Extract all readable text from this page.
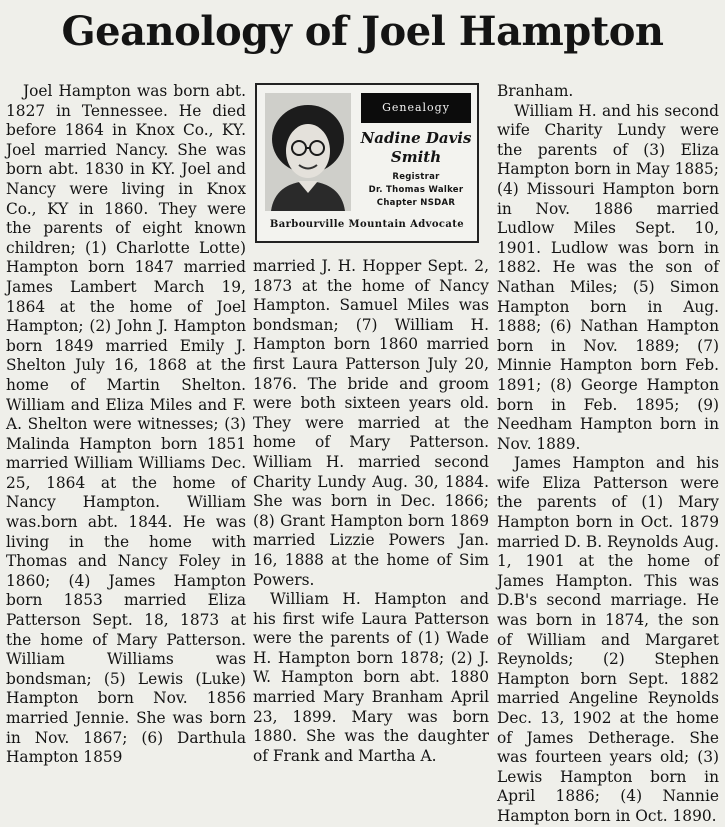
Geanology of Joel Hampton

Joel Hampton was born abt. 1827 in Tennessee. He died before 1864 in Knox Co., KY. Joel married Nancy. She was born abt. 1830 in KY. Joel and Nancy were living in Knox Co., KY in 1860. They were the parents of eight known children; (1) Charlotte Lotte) Hampton born 1847 married James Lambert March 19, 1864 at the home of Joel Hampton; (2) John J. Hampton born 1849 married Emily J. Shelton July 16, 1868 at the home of Martin Shelton. William and Eliza Miles and F. A. Shelton were witnesses; (3) Malinda Hampton born 1851 married William Williams Dec. 25, 1864 at the home of Nancy Hampton. William was.born abt. 1844. He was living in the home with Thomas and Nancy Foley in 1860; (4) James Hampton born 1853 married Eliza Patterson Sept. 18, 1873 at the home of Mary Patterson. William Williams was bondsman; (5) Lewis (Luke) Hampton born Nov. 1856 married Jennie. She was born in Nov. 1867; (6) Darthula Hampton 1859

Genealogy
Nadine Davis
Smith
Registrar
Dr. Thomas Walker
Chapter NSDAR
Barbourville Mountain Advocate

married J. H. Hopper Sept. 2, 1873 at the home of Nancy Hampton. Samuel Miles was bondsman; (7) William H. Hampton born 1860 married first Laura Patterson July 20, 1876. The bride and groom were both sixteen years old. They were married at the home of Mary Patterson. William H. married second Charity Lundy Aug. 30, 1884. She was born in Dec. 1866; (8) Grant Hampton born 1869 married Lizzie Powers Jan. 16, 1888 at the home of Sim Powers.

William H. Hampton and his first wife Laura Patterson were the parents of (1) Wade H. Hampton born 1878; (2) J. W. Hampton born abt. 1880 married Mary Branham April 23, 1899. Mary was born 1880. She was the daughter of Frank and Martha A.

Branham.

William H. and his second wife Charity Lundy were the parents of (3) Eliza Hampton born in May 1885; (4) Missouri Hampton born in Nov. 1886 married Ludlow Miles Sept. 10, 1901. Ludlow was born in 1882. He was the son of Nathan Miles; (5) Simon Hampton born in Aug. 1888; (6) Nathan Hampton born in Nov. 1889; (7) Minnie Hampton born Feb. 1891; (8) George Hampton born in Feb. 1895; (9) Needham Hampton born in Nov. 1889.

James Hampton and his wife Eliza Patterson were the parents of (1) Mary Hampton born in Oct. 1879 married D. B. Reynolds Aug. 1, 1901 at the home of James Hampton. This was D.B's second marriage. He was born in 1874, the son of William and Margaret Reynolds; (2) Stephen Hampton born Sept. 1882 married Angeline Reynolds Dec. 13, 1902 at the home of James Detherage. She was fourteen years old; (3) Lewis Hampton born in April 1886; (4) Nannie Hampton born in Oct. 1890.
